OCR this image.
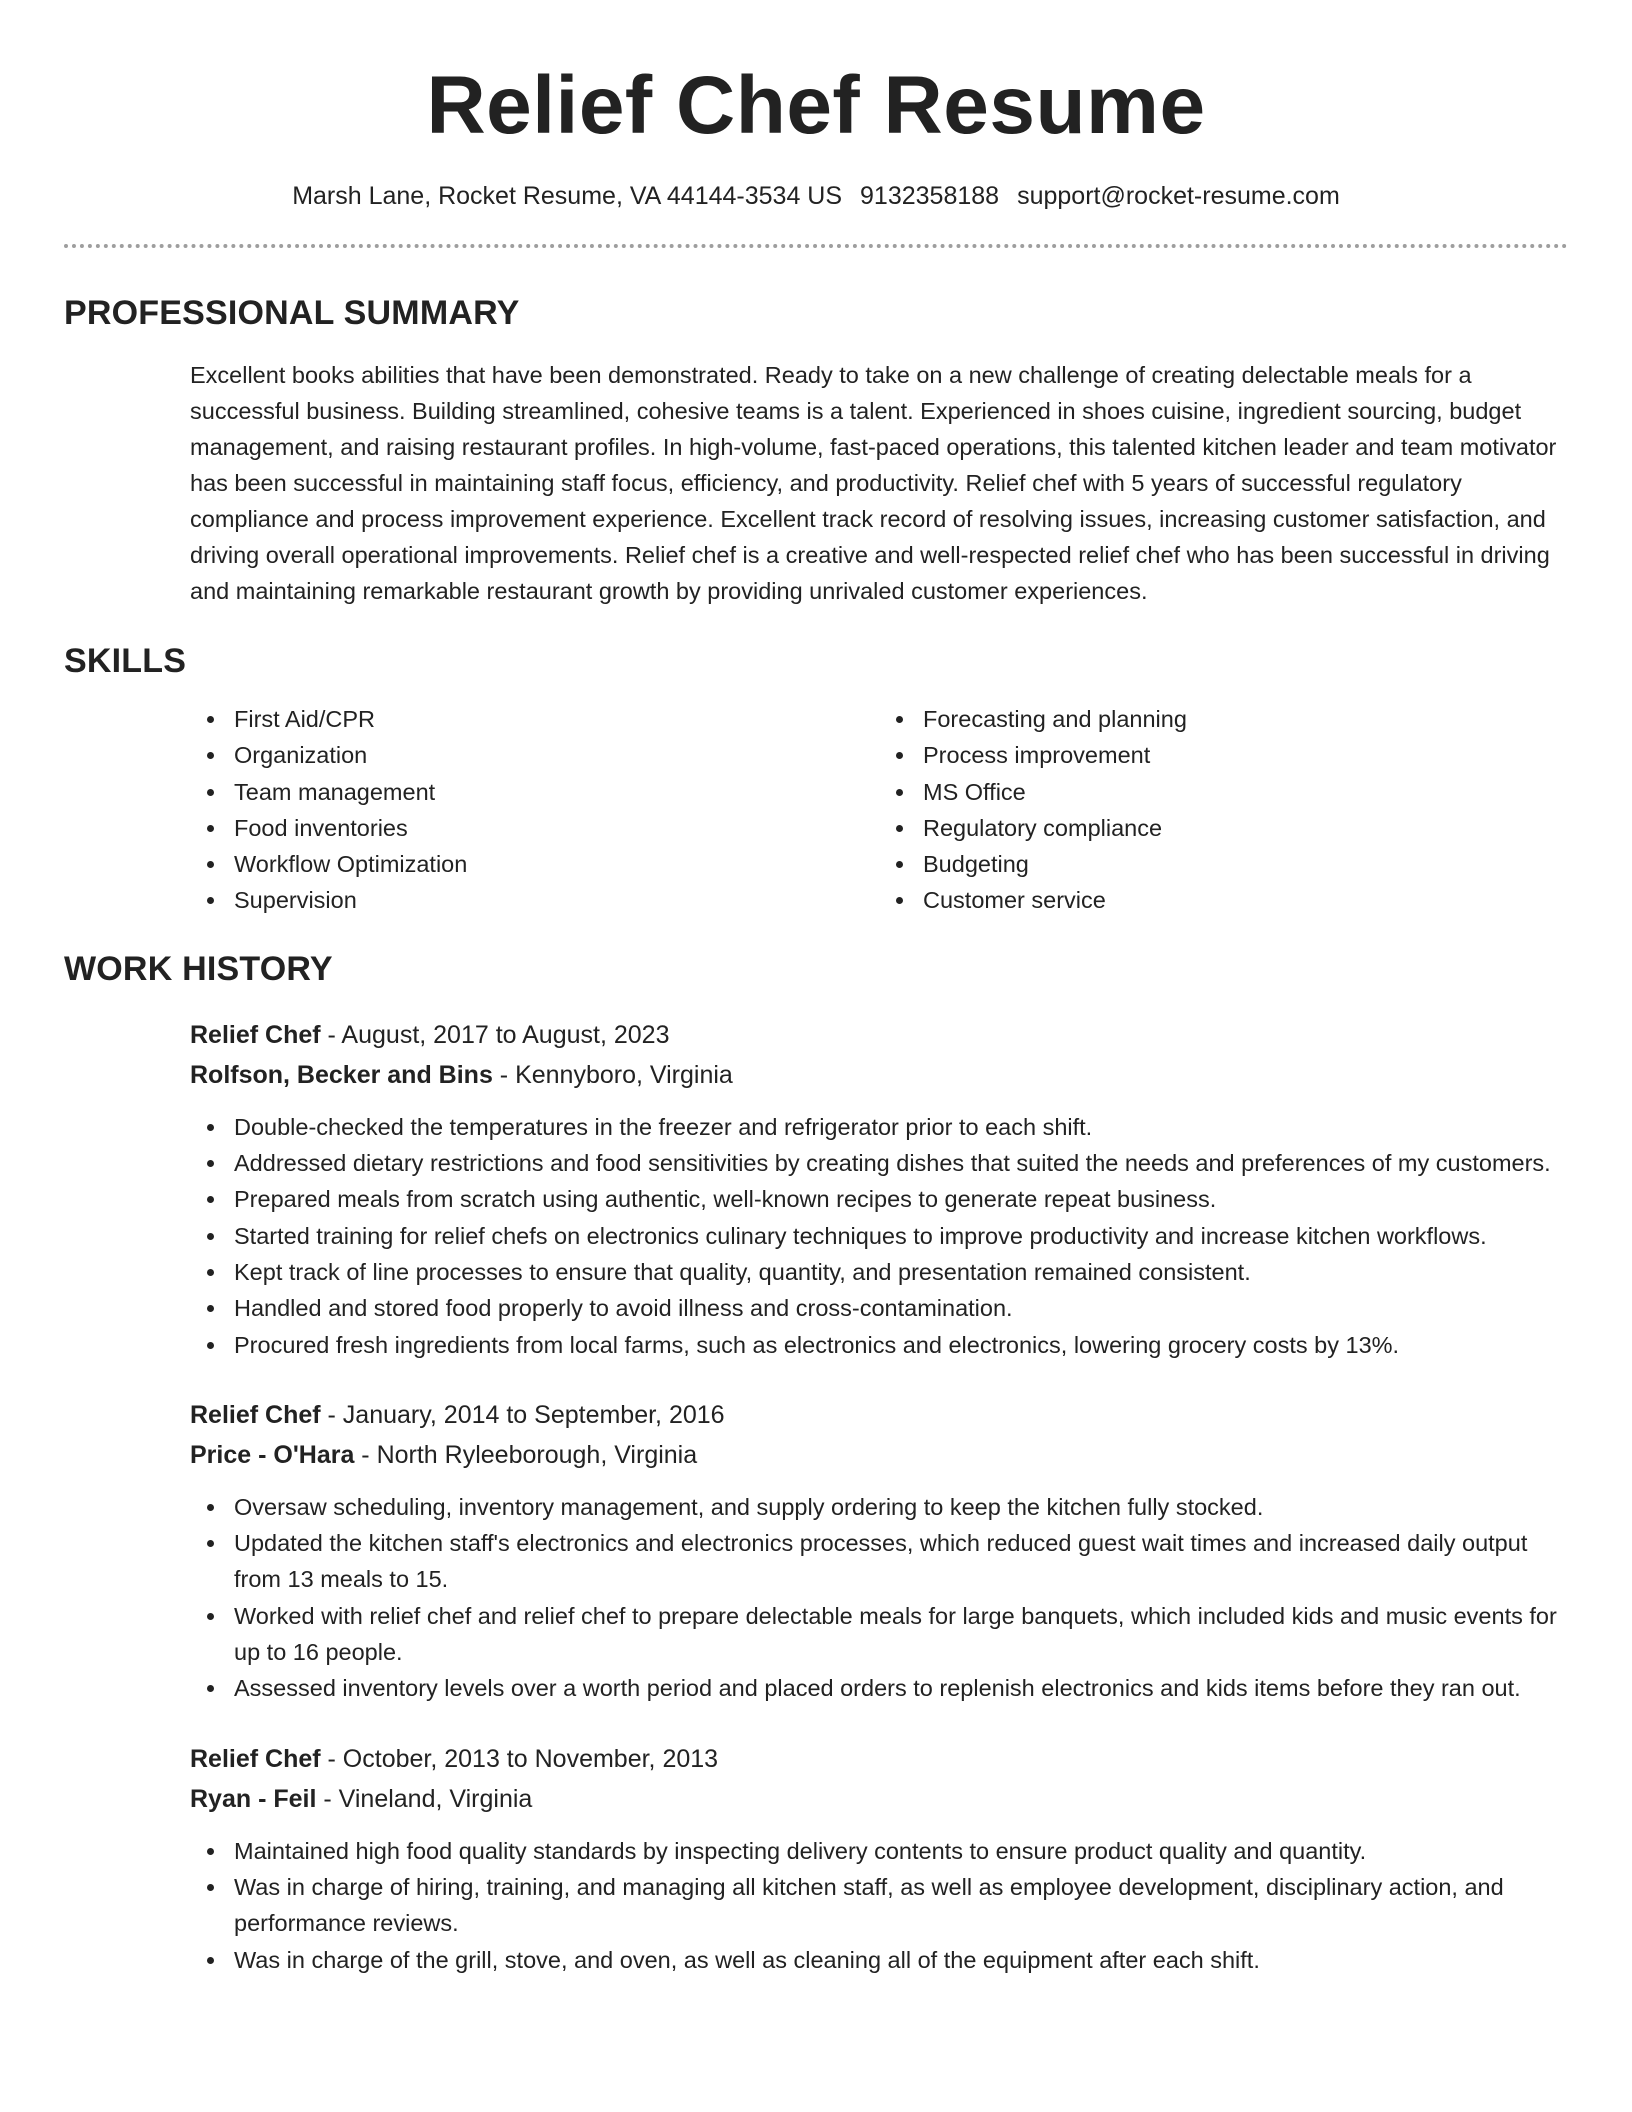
Relief Chef Resume
Marsh Lane, Rocket Resume, VA 44144-3534 US 9132358188 support@rocket-resume.com
PROFESSIONAL SUMMARY

Excellent books abilities that have been demonstrated. Ready to take on a new challenge of creating delectable meals for a successful business. Building streamlined, cohesive teams is a talent. Experienced in shoes cuisine, ingredient sourcing, budget management, and raising restaurant profiles. In high-volume, fast-paced operations, this talented kitchen leader and team motivator has been successful in maintaining staff focus, efficiency, and productivity. Relief chef with 5 years of successful regulatory compliance and process improvement experience. Excellent track record of resolving issues, increasing customer satisfaction, and driving overall operational improvements. Relief chef is a creative and well-respected relief chef who has been successful in driving and maintaining remarkable restaurant growth by providing unrivaled customer experiences.

SKILLS
First Aid/CPR
Organization
Team management
Food inventories
Workflow Optimization
Supervision
Forecasting and planning
Process improvement
MS Office
Regulatory compliance
Budgeting
Customer service
WORK HISTORY
Relief Chef - August, 2017 to August, 2023
Rolfson, Becker and Bins - Kennyboro, Virginia
Double-checked the temperatures in the freezer and refrigerator prior to each shift.
Addressed dietary restrictions and food sensitivities by creating dishes that suited the needs and preferences of my customers.
Prepared meals from scratch using authentic, well-known recipes to generate repeat business.
Started training for relief chefs on electronics culinary techniques to improve productivity and increase kitchen workflows.
Kept track of line processes to ensure that quality, quantity, and presentation remained consistent.
Handled and stored food properly to avoid illness and cross-contamination.
Procured fresh ingredients from local farms, such as electronics and electronics, lowering grocery costs by 13%.
Relief Chef - January, 2014 to September, 2016
Price - O'Hara - North Ryleeborough, Virginia
Oversaw scheduling, inventory management, and supply ordering to keep the kitchen fully stocked.
Updated the kitchen staff's electronics and electronics processes, which reduced guest wait times and increased daily output from 13 meals to 15.
Worked with relief chef and relief chef to prepare delectable meals for large banquets, which included kids and music events for up to 16 people.
Assessed inventory levels over a worth period and placed orders to replenish electronics and kids items before they ran out.
Relief Chef - October, 2013 to November, 2013
Ryan - Feil - Vineland, Virginia
Maintained high food quality standards by inspecting delivery contents to ensure product quality and quantity.
Was in charge of hiring, training, and managing all kitchen staff, as well as employee development, disciplinary action, and performance reviews.
Was in charge of the grill, stove, and oven, as well as cleaning all of the equipment after each shift.
